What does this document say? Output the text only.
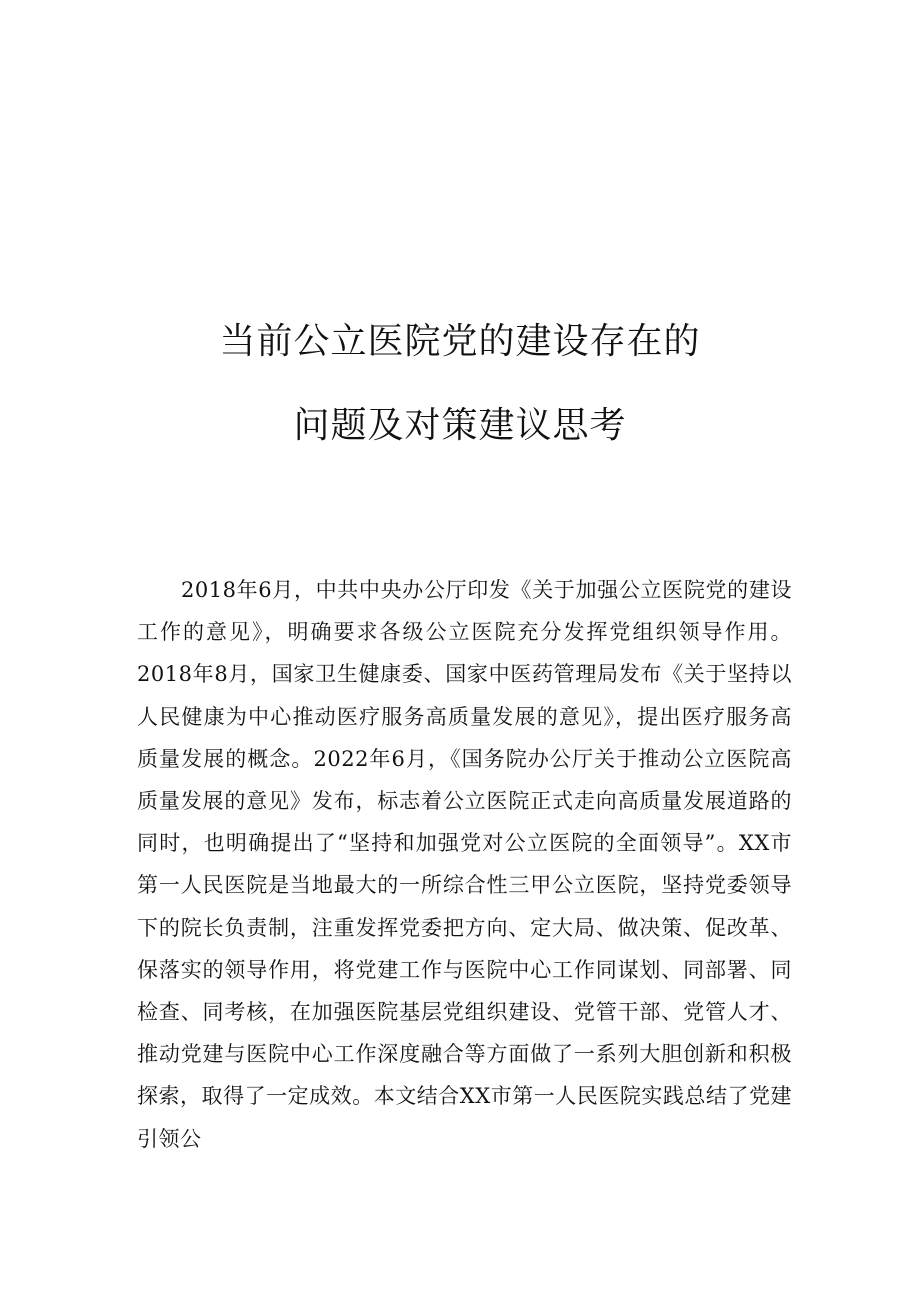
当前公立医院党的建设存在的
问题及对策建议思考

2018年6月，中共中央办公厅印发《关于加强公立医院党的建设工作的意见》，明确要求各级公立医院充分发挥党组织领导作用。2018年8月，国家卫生健康委、国家中医药管理局发布《关于坚持以人民健康为中心推动医疗服务高质量发展的意见》，提出医疗服务高质量发展的概念。2022年6月，《国务院办公厅关于推动公立医院高质量发展的意见》发布，标志着公立医院正式走向高质量发展道路的同时，也明确提出了“坚持和加强党对公立医院的全面领导”。XX市第一人民医院是当地最大的一所综合性三甲公立医院，坚持党委领导下的院长负责制，注重发挥党委把方向、定大局、做决策、促改革、保落实的领导作用，将党建工作与医院中心工作同谋划、同部署、同检查、同考核，在加强医院基层党组织建设、党管干部、党管人才、推动党建与医院中心工作深度融合等方面做了一系列大胆创新和积极探索，取得了一定成效。本文结合XX市第一人民医院实践总结了党建引领公
